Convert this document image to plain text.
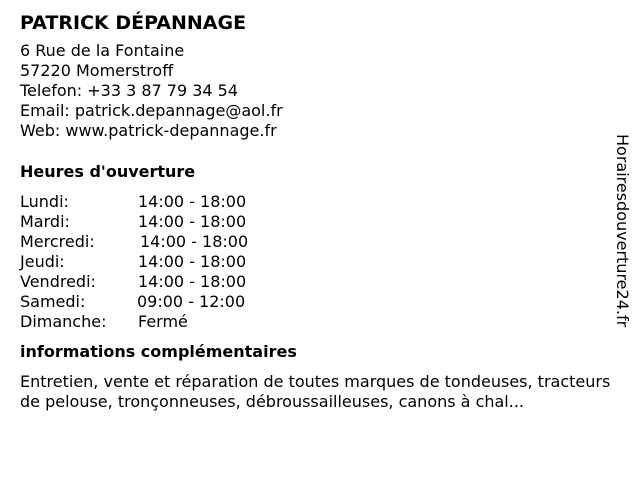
PATRICK DÉPANNAGE
6 Rue de la Fontaine
57220 Momerstroff
Telefon: +33 3 87 79 34 54
Email: patrick.depannage@aol.fr
Web: www.patrick-depannage.fr
Heures d'ouverture
Lundi:	14:00 - 18:00
Mardi:	14:00 - 18:00
Mercredi:	14:00 - 18:00
Jeudi:	14:00 - 18:00
Vendredi:	14:00 - 18:00
Samedi:	09:00 - 12:00
Dimanche: Fermé
informations complémentaires

Entretien, vente et réparation de toutes marques de tondeuses, tracteurs de pelouse, tronçonneuses, débroussailleuses, canons à chal...

Horairesdouverture24.fr
